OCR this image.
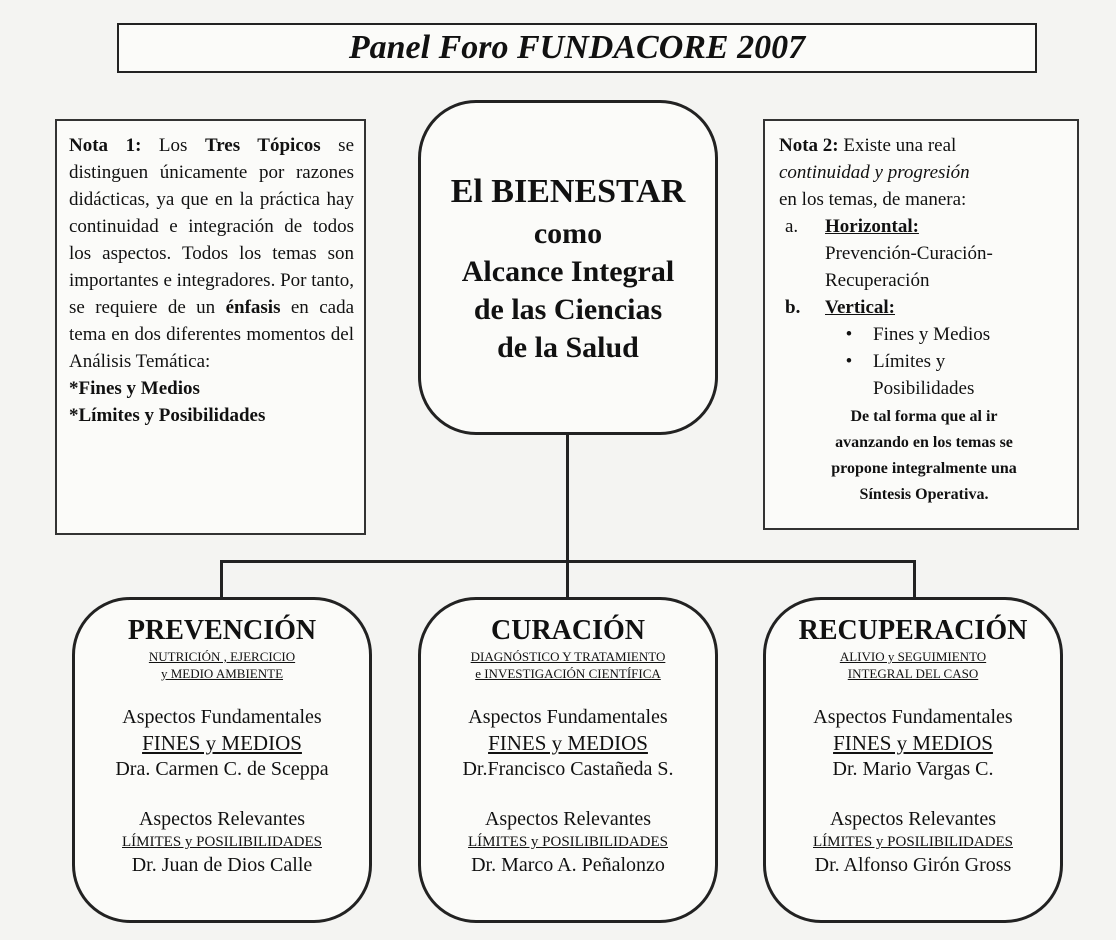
Panel Foro FUNDACORE 2007
Nota 1: Los Tres Tópicos se distinguen únicamente por razones didácticas, ya que en la práctica hay continuidad e integración de todos los aspectos. Todos los temas son importantes e integradores. Por tanto, se requiere de un énfasis en cada tema en dos diferentes momentos del Análisis Temática:
*Fines y Medios
*Límites y Posibilidades
El BIENESTAR
como
Alcance Integral
de las Ciencias
de la Salud
Nota 2: Existe una real
continuidad y progresión
en los temas, de manera:
a.	Horizontal:
Prevención-Curación-
Recuperación
b.	Vertical:
•	Fines y Medios
•	Límites y
Posibilidades
De tal forma que al ir
avanzando en los temas se
propone integralmente una
Síntesis Operativa.
PREVENCIÓN
NUTRICIÓN , EJERCICIO
y MEDIO AMBIENTE
Aspectos Fundamentales
FINES y MEDIOS
Dra. Carmen C. de Sceppa
Aspectos Relevantes
LÍMITES y POSILIBILIDADES
Dr. Juan de Dios Calle
CURACIÓN
DIAGNÓSTICO Y TRATAMIENTO
e INVESTIGACIÓN CIENTÍFICA
Aspectos Fundamentales
FINES y MEDIOS
Dr.Francisco Castañeda S.
Aspectos Relevantes
LÍMITES y POSILIBILIDADES
Dr. Marco A. Peñalonzo
RECUPERACIÓN
ALIVIO y SEGUIMIENTO
INTEGRAL DEL CASO
Aspectos Fundamentales
FINES y MEDIOS
Dr. Mario Vargas C.
Aspectos Relevantes
LÍMITES y POSILIBILIDADES
Dr. Alfonso Girón Gross
